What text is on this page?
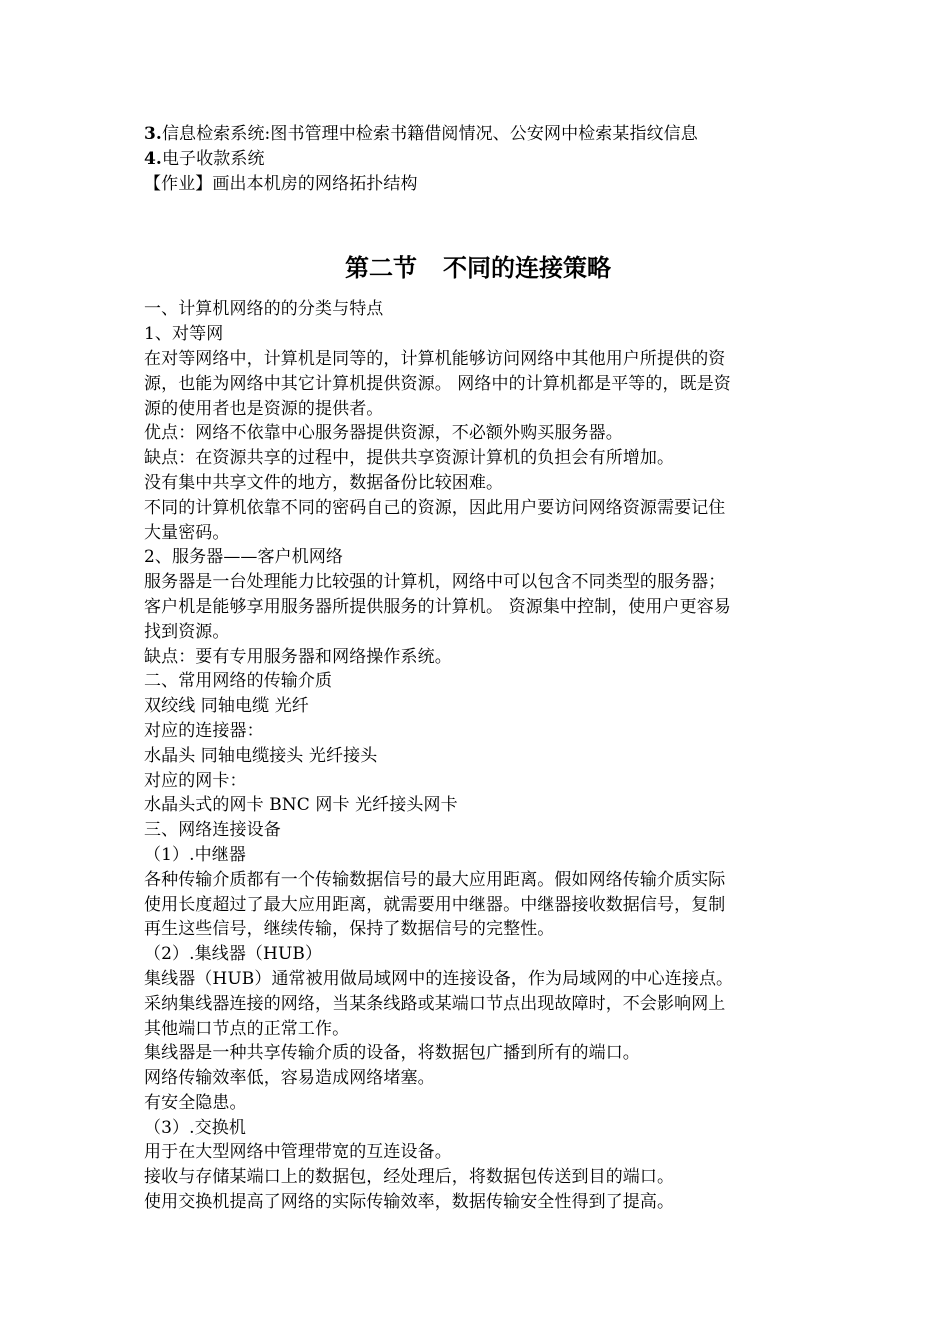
3.信息检索系统:图书管理中检索书籍借阅情况、公安网中检索某指纹信息
4.电子收款系统
【作业】画出本机房的网络拓扑结构
第二节 不同的连接策略
一、计算机网络的的分类与特点
1、对等网
在对等网络中，计算机是同等的，计算机能够访问网络中其他用户所提供的资
源，也能为网络中其它计算机提供资源。 网络中的计算机都是平等的，既是资
源的使用者也是资源的提供者。
优点：网络不依靠中心服务器提供资源，不必额外购买服务器。
缺点：在资源共享的过程中，提供共享资源计算机的负担会有所增加。
没有集中共享文件的地方，数据备份比较困难。
不同的计算机依靠不同的密码自己的资源，因此用户要访问网络资源需要记住
大量密码。
2、服务器——客户机网络
服务器是一台处理能力比较强的计算机，网络中可以包含不同类型的服务器；
客户机是能够享用服务器所提供服务的计算机。 资源集中控制，使用户更容易
找到资源。
缺点：要有专用服务器和网络操作系统。
二、常用网络的传输介质
双绞线 同轴电缆 光纤
对应的连接器：
水晶头 同轴电缆接头 光纤接头
对应的网卡：
水晶头式的网卡 BNC 网卡 光纤接头网卡
三、网络连接设备
（1）.中继器
各种传输介质都有一个传输数据信号的最大应用距离。假如网络传输介质实际
使用长度超过了最大应用距离，就需要用中继器。中继器接收数据信号，复制
再生这些信号，继续传输，保持了数据信号的完整性。
（2）.集线器（HUB）
集线器（HUB）通常被用做局域网中的连接设备，作为局域网的中心连接点。
采纳集线器连接的网络，当某条线路或某端口节点出现故障时，不会影响网上
其他端口节点的正常工作。
集线器是一种共享传输介质的设备，将数据包广播到所有的端口。
网络传输效率低，容易造成网络堵塞。
有安全隐患。
（3）.交换机
用于在大型网络中管理带宽的互连设备。
接收与存储某端口上的数据包，经处理后，将数据包传送到目的端口。
使用交换机提高了网络的实际传输效率，数据传输安全性得到了提高。
